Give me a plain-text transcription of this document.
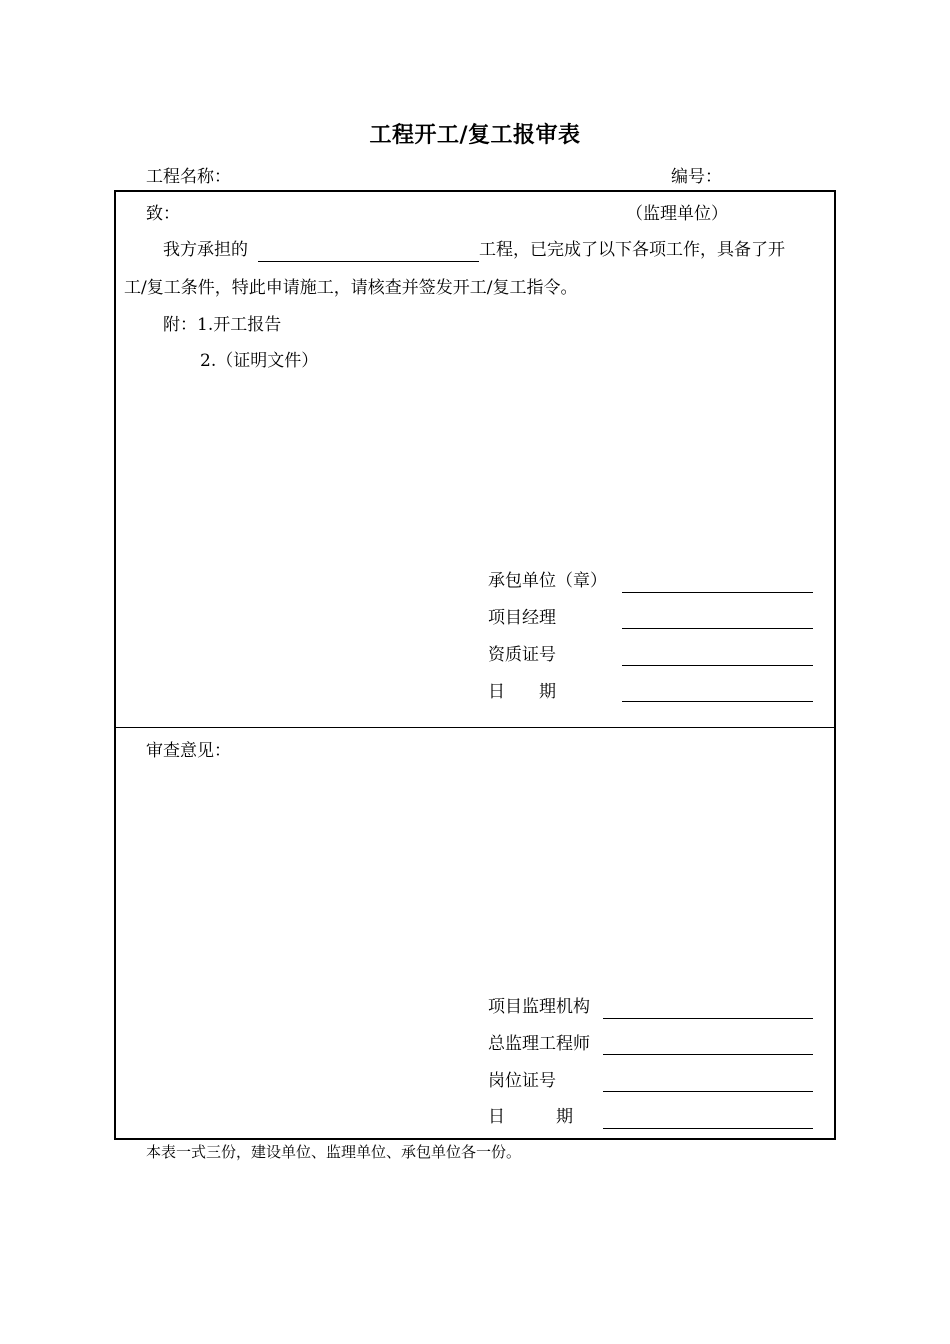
工程开工/复工报审表
工程名称：	编号：
致：	（监理单位）
我方承担的	工程，已完成了以下各项工作，具备了开
工/复工条件，特此申请施工，请核查并签发开工/复工指令。
附：1.开工报告
2.（证明文件）
承包单位（章）
项目经理
资质证号
日　　期
审查意见：
项目监理机构
总监理工程师
岗位证号
日　　　期
本表一式三份，建设单位、监理单位、承包单位各一份。
